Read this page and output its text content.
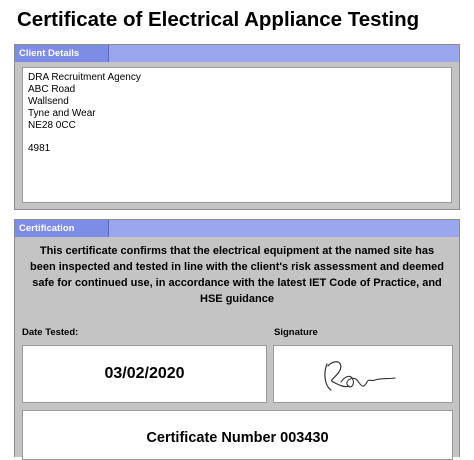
Certificate of Electrical Appliance Testing
Client Details
DRA Recruitment Agency
ABC Road
Wallsend
Tyne and Wear
NE28 0CC
4981
Certification
This certificate confirms that the electrical equipment at the named site has been inspected and tested in line with the client's risk assessment and deemed safe for continued use, in accordance with the latest IET Code of Practice, and HSE guidance
Date Tested:	Signature
03/02/2020
Certificate Number 003430
